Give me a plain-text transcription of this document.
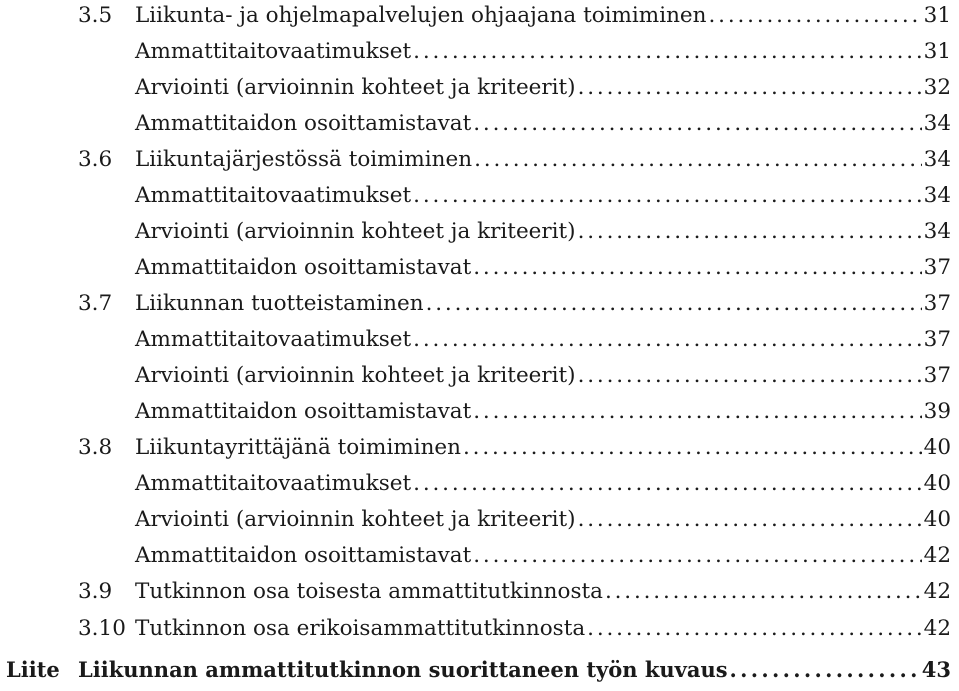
3.5 Liikunta- ja ohjelmapalvelujen ohjaajana toimiminen . . .	31
Ammattitaitovaatimukset . . .	31
Arviointi (arvioinnin kohteet ja kriteerit) . . .	32
Ammattitaidon osoittamistavat . . .	34
3.6 Liikuntajärjestössä toimiminen . . .	34
Ammattitaitovaatimukset . . .	34
Arviointi (arvioinnin kohteet ja kriteerit) . . .	34
Ammattitaidon osoittamistavat . . .	37
3.7 Liikunnan tuotteistaminen . . .	37
Ammattitaitovaatimukset . . .	37
Arviointi (arvioinnin kohteet ja kriteerit) . . .	37
Ammattitaidon osoittamistavat . . .	39
3.8 Liikuntayrittäjänä toimiminen . . .	40
Ammattitaitovaatimukset . . .	40
Arviointi (arvioinnin kohteet ja kriteerit) . . .	40
Ammattitaidon osoittamistavat . . .	42
3.9 Tutkinnon osa toisesta ammattitutkinnosta . . .	42
3.10 Tutkinnon osa erikoisammattitutkinnosta . . .	42
Liite Liikunnan ammattitutkinnon suorittaneen työn kuvaus . . .	43
